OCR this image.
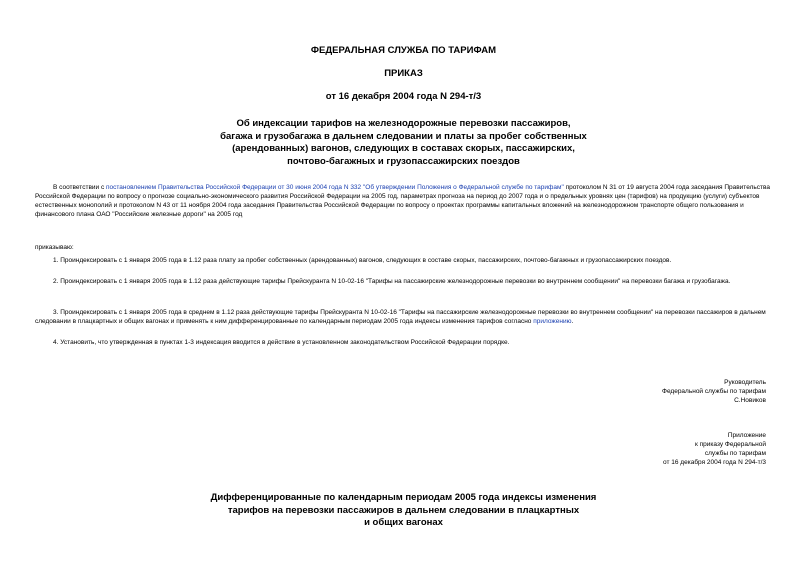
ФЕДЕРАЛЬНАЯ СЛУЖБА ПО ТАРИФАМ
ПРИКАЗ
от 16 декабря 2004 года N 294-т/3
Об индексации тарифов на железнодорожные перевозки пассажиров,
багажа и грузобагажа в дальнем следовании и платы за пробег собственных
(арендованных) вагонов, следующих в составах скорых, пассажирских,
почтово-багажных и грузопассажирских поездов
В соответствии с постановлением Правительства Российской Федерации от 30 июня 2004 года N 332 "Об утверждении Положения о Федеральной службе по тарифам" протоколом N 31 от 19 августа 2004 года заседания Правительства Российской Федерации по вопросу о прогнозе социально-экономического развития Российской Федерации на 2005 год, параметрах прогноза на период до 2007 года и о предельных уровнях цен (тарифов) на продукцию (услуги) субъектов естественных монополий и протоколом N 43 от 11 ноября 2004 года заседания Правительства Российской Федерации по вопросу о проектах программы капитальных вложений на железнодорожном транспорте общего пользования и финансового плана ОАО "Российские железные дороги" на 2005 год
приказываю:
1. Проиндексировать с 1 января 2005 года в 1.12 раза плату за пробег собственных (арендованных) вагонов, следующих в составе скорых, пассажирских, почтово-багажных и грузопассажирских поездов.
2. Проиндексировать с 1 января 2005 года в 1.12 раза действующие тарифы Прейскуранта N 10-02-16 "Тарифы на пассажирские железнодорожные перевозки во внутреннем сообщении" на перевозки багажа и грузобагажа.
3. Проиндексировать с 1 января 2005 года в среднем в 1.12 раза действующие тарифы Прейскуранта N 10-02-16 "Тарифы на пассажирские железнодорожные перевозки во внутреннем сообщении" на перевозки пассажиров в дальнем следовании в плацкартных и общих вагонах и применять к ним дифференцированные по календарным периодам 2005 года индексы изменения тарифов согласно приложению.
4. Установить, что утвержденная в пунктах 1-3 индексация вводится в действие в установленном законодательством Российской Федерации порядке.
Руководитель
Федеральной службы по тарифам
С.Новиков
Приложение
к приказу Федеральной
службы по тарифам
от 16 декабря 2004 года N 294-т/3
Дифференцированные по календарным периодам 2005 года индексы изменения
тарифов на перевозки пассажиров в дальнем следовании в плацкартных
и общих вагонах
